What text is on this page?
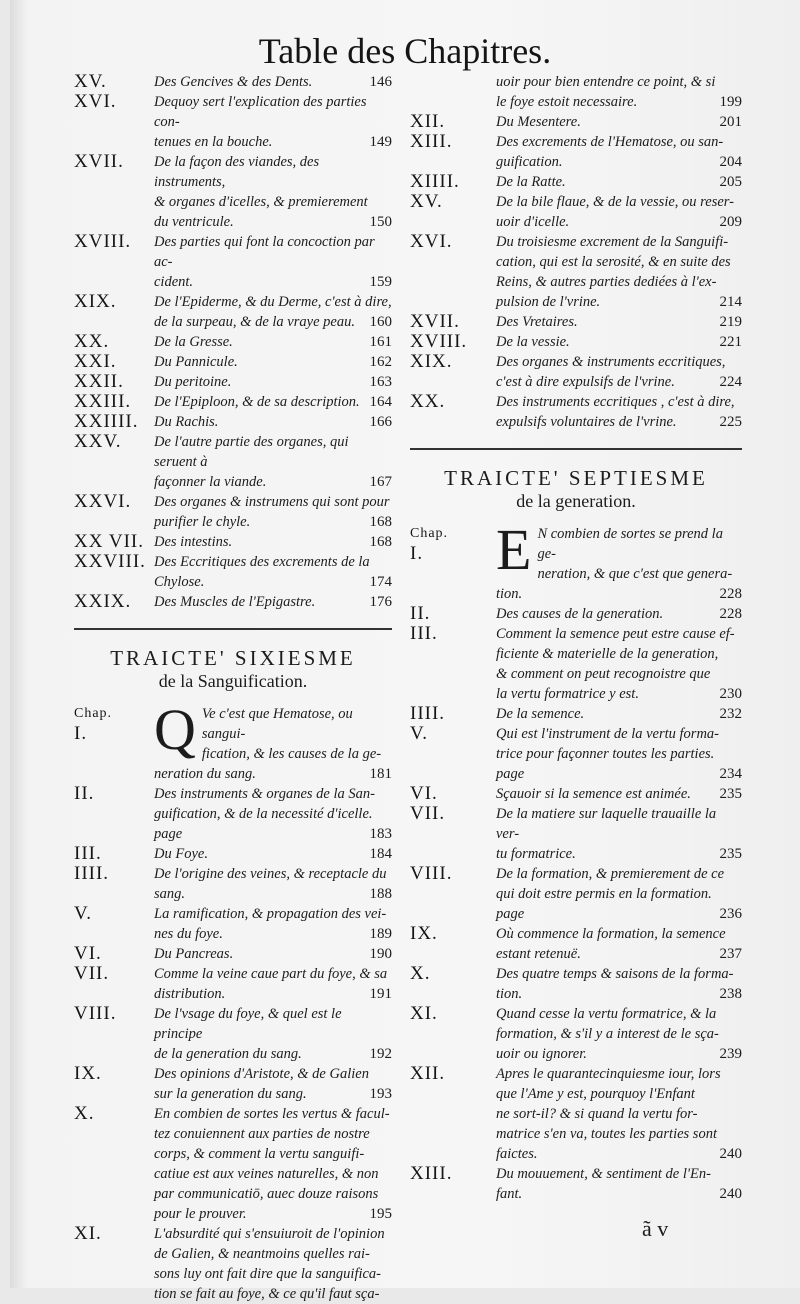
Table des Chapitres.
XV.	Des Gencives & des Dents.	146
XVI.	Dequoy sert l'explication des parties con-
tenues en la bouche.	149
XVII.	De la façon des viandes, des instruments,
& organes d'icelles, & premierement
du ventricule.	150
XVIII.	Des parties qui font la concoction par ac-
cident.	159
XIX.	De l'Epiderme, & du Derme, c'est à dire,
de la surpeau, & de la vraye peau. 160
XX.	De la Gresse.	161
XXI.	Du Pannicule.	162
XXII.	Du peritoine.	163
XXIII.	De l'Epiploon, & de sa description. 164
XXIIII.	Du Rachis.	166
XXV.	De l'autre partie des organes, qui seruent à
façonner la viande.	167
XXVI.	Des organes & instrumens qui sont pour
purifier le chyle.	168
XX VII. Des intestins.	168
XXVIII. Des Eccritiques des excrements de la
Chylose.	174
XXIX.	Des Muscles de l'Epigastre.	176
TRAICTE' SIXIESME
de la Sanguification.
Chap.
I.	Q Ve c'est que Hematose, ou sangui-
fication, & les causes de la ge-
neration du sang.	181
II.	Des instruments & organes de la San-
guification, & de la necessité d'icelle.
page	183
III.	Du Foye.	184
IIII.	De l'origine des veines, & receptacle du
sang.	188
V.	La ramification, & propagation des vei-
nes du foye.	189
VI.	Du Pancreas.	190
VII.	Comme la veine caue part du foye, & sa
distribution.	191
VIII.	De l'vsage du foye, & quel est le principe
de la generation du sang.	192
IX.	Des opinions d'Aristote, & de Galien
sur la generation du sang.	193
X.	En combien de sortes les vertus & facul-
tez conuiennent aux parties de nostre
corps, & comment la vertu sanguifi-
catiue est aux veines naturelles, & non
par communicatiō, auec douze raisons
pour le prouver.	195
XI.	L'absurdité qui s'ensuiuroit de l'opinion
de Galien, & neantmoins quelles rai-
sons luy ont fait dire que la sanguifica-
tion se fait au foye, & ce qu'il faut sça-
uoir pour bien entendre ce point, & si
le foye estoit necessaire.	199
XII.	Du Mesentere.	201
XIII.	Des excrements de l'Hematose, ou san-
guification.	204
XIIII.	De la Ratte.	205
XV.	De la bile flaue, & de la vessie, ou reser-
uoir d'icelle.	209
XVI.	Du troisiesme excrement de la Sanguifi-
cation, qui est la serosité, & en suite des
Reins, & autres parties dediées à l'ex-
pulsion de l'vrine.	214
XVII.	Des Vretaires.	219
XVIII.	De la vessie.	221
XIX.	Des organes & instruments eccritiques,
c'est à dire expulsifs de l'vrine.	224
XX.	Des instruments eccritiques , c'est à dire,
expulsifs voluntaires de l'vrine.	225
TRAICTE' SEPTIESME
de la generation.
Chap.
I.	E N combien de sortes se prend la ge-
neration, & que c'est que genera-
tion.	228
II.	Des causes de la generation.	228
III.	Comment la semence peut estre cause ef-
ficiente & materielle de la generation,
& comment on peut recognoistre que
la vertu formatrice y est.	230
IIII.	De la semence.	232
V.	Qui est l'instrument de la vertu forma-
trice pour façonner toutes les parties.
page	234
VI.	Sçauoir si la semence est animée. 235
VII.	De la matiere sur laquelle trauaille la ver-
tu formatrice.	235
VIII.	De la formation, & premierement de ce
qui doit estre permis en la formation.
page	236
IX.	Où commence la formation, la semence
estant retenuë.	237
X.	Des quatre temps & saisons de la forma-
tion.	238
XI.	Quand cesse la vertu formatrice, & la
formation, & s'il y a interest de le sça-
uoir ou ignorer.	239
XII.	Apres le quarantecinquiesme iour, lors
que l'Ame y est, pourquoy l'Enfant
ne sort-il? & si quand la vertu for-
matrice s'en va, toutes les parties sont
faictes.	240
XIII.	Du mouuement, & sentiment de l'En-
fant.	240
ã v
